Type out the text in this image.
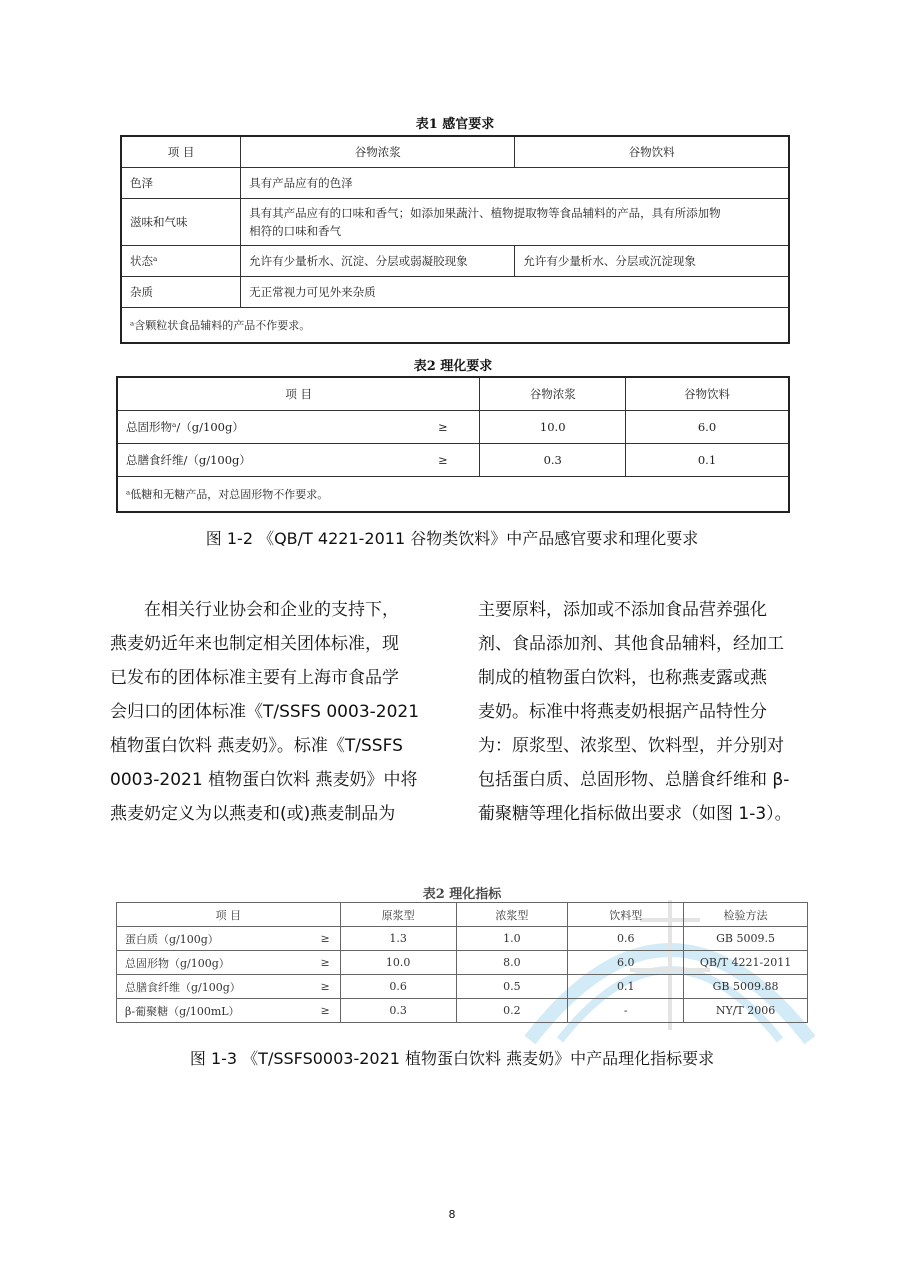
表1 感官要求
项 目	谷物浓浆	谷物饮料
色泽	具有产品应有的色泽	
滋味和气味	具有其产品应有的口味和香气；如添加果蔬汁、植物提取物等食品辅料的产品，具有所添加物
相符的口味和香气	

状态ᵃ	允许有少量析水、沉淀、分层或弱凝胶现象	允许有少量析水、分层或沉淀现象
杂质	无正常视力可见外来杂质	
ᵃ含颗粒状食品辅料的产品不作要求。		
表2 理化要求
项 目		谷物浓浆	谷物饮料
总固形物ᵃ/（g/100g）	≥	10.0	6.0
总膳食纤维/（g/100g）	≥	0.3	0.1
ᵃ低糖和无糖产品，对总固形物不作要求。			
图 1-2 《QB/T 4221-2011 谷物类饮料》中产品感官要求和理化要求
　　在相关行业协会和企业的支持下，
燕麦奶近年来也制定相关团体标准，现
已发布的团体标准主要有上海市食品学
会归口的团体标准《T/SSFS 0003-2021
植物蛋白饮料 燕麦奶》。标准《T/SSFS
0003-2021 植物蛋白饮料 燕麦奶》中将
燕麦奶定义为以燕麦和(或)燕麦制品为
主要原料，添加或不添加食品营养强化
剂、食品添加剂、其他食品辅料，经加工
制成的植物蛋白饮料，也称燕麦露或燕
麦奶。标准中将燕麦奶根据产品特性分
为：原浆型、浓浆型、饮料型，并分别对
包括蛋白质、总固形物、总膳食纤维和 β-
葡聚糖等理化指标做出要求（如图 1-3）。
表2 理化指标
项 目		原浆型	浓浆型	饮料型	检验方法
蛋白质（g/100g）	≥	1.3	1.0	0.6	GB 5009.5
总固形物（g/100g）	≥	10.0	8.0	6.0	QB/T 4221-2011
总膳食纤维（g/100g）	≥	0.6	0.5	0.1	GB 5009.88
β-葡聚糖（g/100mL）	≥	0.3	0.2	-	NY/T 2006
图 1-3 《T/SSFS0003-2021 植物蛋白饮料 燕麦奶》中产品理化指标要求
8
